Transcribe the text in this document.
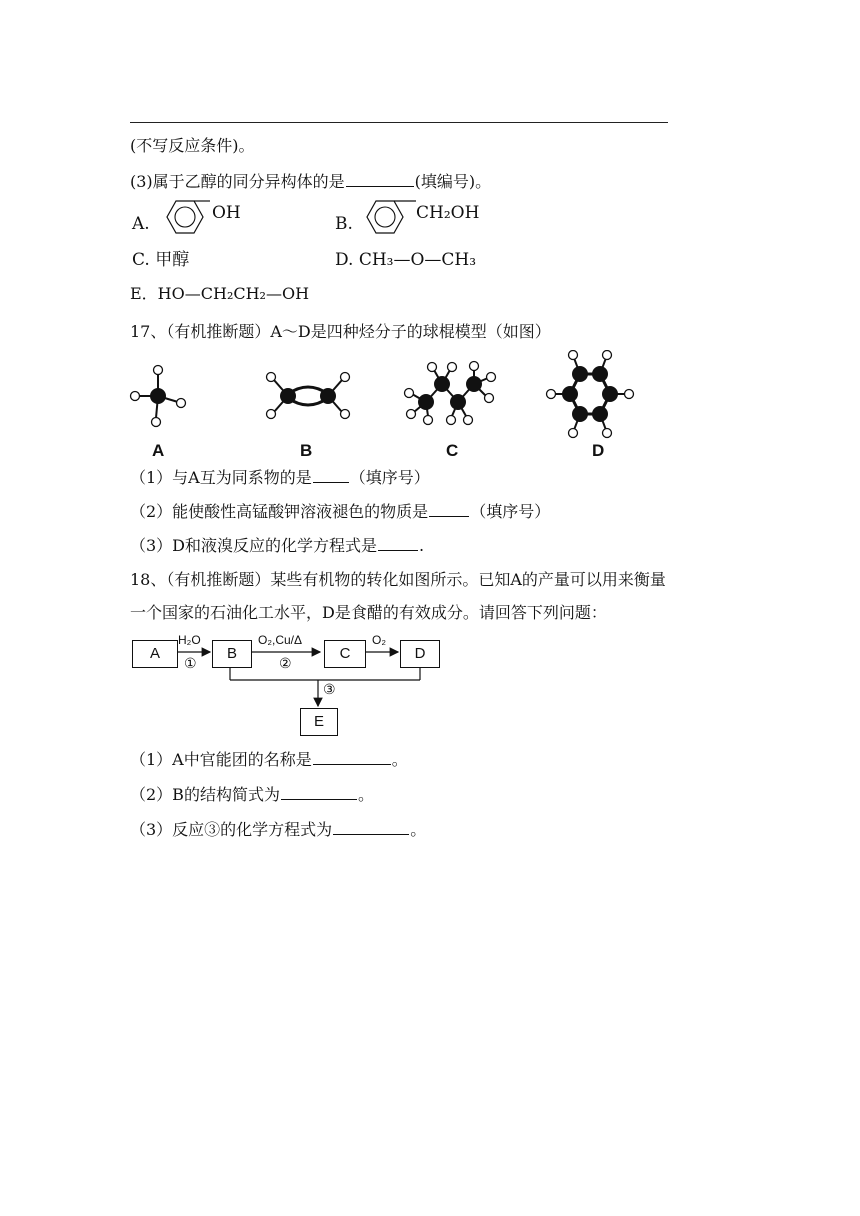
(不写反应条件)。
(3)属于乙醇的同分异构体的是	(填编号)。
A.
OH
B.
CH₂OH
C. 甲醇	D. CH₃—O—CH₃
E．HO—CH₂CH₂—OH
17、（有机推断题）A～D是四种烃分子的球棍模型（如图）
A	B	C	D
（1）与A互为同系物的是 （填序号）
（2）能使酸性高锰酸钾溶液褪色的物质是	（填序号）
（3）D和液溴反应的化学方程式是	.
18、（有机推断题）某些有机物的转化如图所示。已知A的产量可以用来衡量
一个国家的石油化工水平，D是食醋的有效成分。请回答下列问题：
A	B	C	D
E
H₂O
①
O₂,Cu/Δ
②
O₂
③
（1）A中官能团的名称是	。
（2）B的结构简式为	。
（3）反应③的化学方程式为	。
